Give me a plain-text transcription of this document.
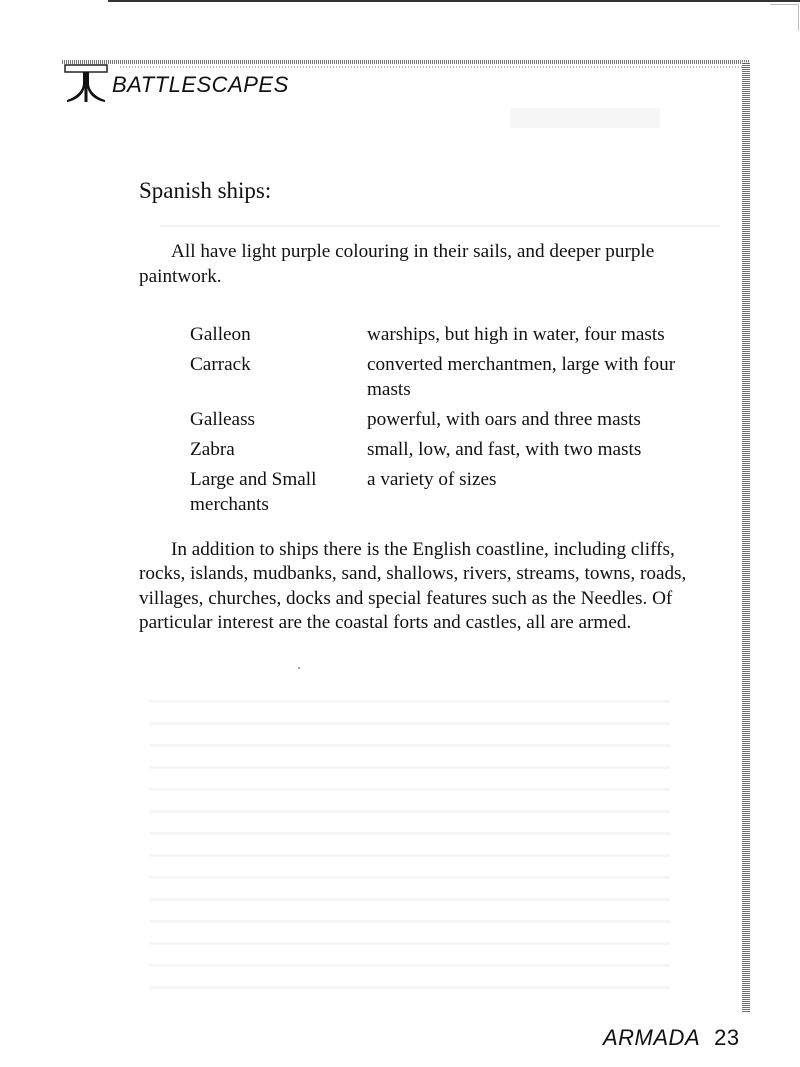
BATTLESCAPES
Spanish ships:

All have light purple colouring in their sails, and deeper purple paintwork.

Galleon	warships, but high in water, four masts
Carrack	converted merchantmen, large with four masts
Galleass	powerful, with oars and three masts
Zabra	small, low, and fast, with two masts
Large and Small merchants	a variety of sizes

In addition to ships there is the English coastline, including cliffs, rocks, islands, mudbanks, sand, shallows, rivers, streams, towns, roads, villages, churches, docks and special features such as the Needles. Of particular interest are the coastal forts and castles, all are armed.

ARMADA 23
